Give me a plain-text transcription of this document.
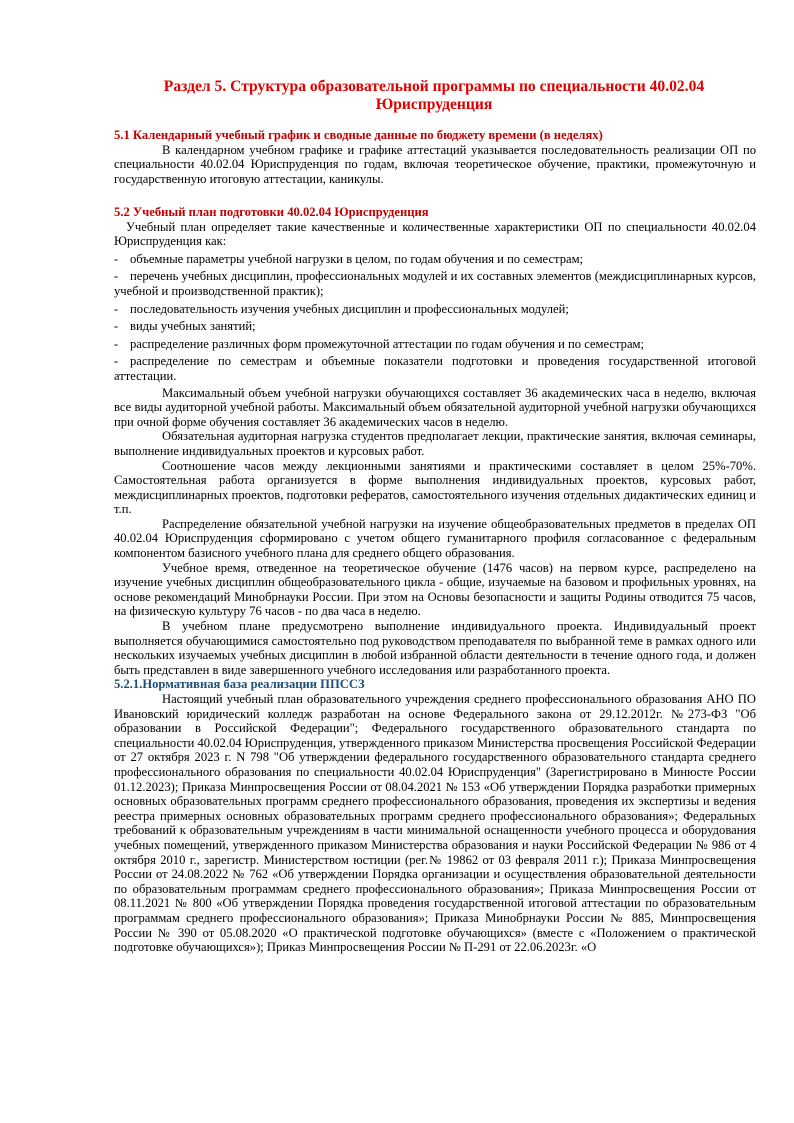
Раздел 5. Структура образовательной программы по специальности 40.02.04 Юриспруденция
5.1 Календарный учебный график и сводные данные по бюджету времени (в неделях)

В календарном учебном графике и графике аттестаций указывается последовательность реализации ОП по специальности 40.02.04 Юриспруденция по годам, включая теоретическое обучение, практики, промежуточную и государственную итоговую аттестации, каникулы.

5.2 Учебный план подготовки 40.02.04 Юриспруденция

Учебный план определяет такие качественные и количественные характеристики ОП по специальности 40.02.04 Юриспруденция как:

- объемные параметры учебной нагрузки в целом, по годам обучения и по семестрам;
- перечень учебных дисциплин, профессиональных модулей и их составных элементов (междисциплинарных курсов, учебной и производственной практик);
- последовательность изучения учебных дисциплин и профессиональных модулей;
- виды учебных занятий;
- распределение различных форм промежуточной аттестации по годам обучения и по семестрам;
- распределение по семестрам и объемные показатели подготовки и проведения государственной итоговой аттестации.

Максимальный объем учебной нагрузки обучающихся составляет 36 академических часа в неделю, включая все виды аудиторной учебной работы. Максимальный объем обязательной аудиторной учебной нагрузки обучающихся при очной форме обучения составляет 36 академических часов в неделю.

Обязательная аудиторная нагрузка студентов предполагает лекции, практические занятия, включая семинары, выполнение индивидуальных проектов и курсовых работ.

Соотношение часов между лекционными занятиями и практическими составляет в целом 25%-70%. Самостоятельная работа организуется в форме выполнения индивидуальных проектов, курсовых работ, междисциплинарных проектов, подготовки рефератов, самостоятельного изучения отдельных дидактических единиц и т.п.

Распределение обязательной учебной нагрузки на изучение общеобразовательных предметов в пределах ОП 40.02.04 Юриспруденция сформировано с учетом общего гуманитарного профиля согласованное с федеральным компонентом базисного учебного плана для среднего общего образования.

Учебное время, отведенное на теоретическое обучение (1476 часов) на первом курсе, распределено на изучение учебных дисциплин общеобразовательного цикла - общие, изучаемые на базовом и профильных уровнях, на основе рекомендаций Минобрнауки России. При этом на Основы безопасности и защиты Родины отводится 75 часов, на физическую культуру 76 часов - по два часа в неделю.

В учебном плане предусмотрено выполнение индивидуального проекта. Индивидуальный проект выполняется обучающимися самостоятельно под руководством преподавателя по выбранной теме в рамках одного или нескольких изучаемых учебных дисциплин в любой избранной области деятельности в течение одного года, и должен быть представлен в виде завершенного учебного исследования или разработанного проекта.

5.2.1.Нормативная база реализации ППССЗ

Настоящий учебный план образовательного учреждения среднего профессионального образования АНО ПО Ивановский юридический колледж разработан на основе Федерального закона от 29.12.2012г. №273-ФЗ "Об образовании в Российской Федерации"; Федерального государственного образовательного стандарта по специальности 40.02.04 Юриспруденция, утвержденного приказом Министерства просвещения Российской Федерации от 27 октября 2023 г. N 798 "Об утверждении федерального государственного образовательного стандарта среднего профессионального образования по специальности 40.02.04 Юриспруденция" (Зарегистрировано в Минюсте России 01.12.2023); Приказа Минпросвещения России от 08.04.2021 № 153 «Об утверждении Порядка разработки примерных основных образовательных программ среднего профессионального образования, проведения их экспертизы и ведения реестра примерных основных образовательных программ среднего профессионального образования»; Федеральных требований к образовательным учреждениям в части минимальной оснащенности учебного процесса и оборудования учебных помещений, утвержденного приказом Министерства образования и науки Российской Федерации № 986 от 4 октября 2010 г., зарегистр. Министерством юстиции (рег.№ 19862 от 03 февраля 2011 г.); Приказа Минпросвещения России от 24.08.2022 № 762 «Об утверждении Порядка организации и осуществления образовательной деятельности по образовательным программам среднего профессионального образования»; Приказа Минпросвещения России от 08.11.2021 № 800 «Об утверждении Порядка проведения государственной итоговой аттестации по образовательным программам среднего профессионального образования»; Приказа Минобрнауки России № 885, Минпросвещения России № 390 от 05.08.2020 «О практической подготовке обучающихся» (вместе с «Положением о практической подготовке обучающихся»); Приказ Минпросвещения России № П-291 от 22.06.2023г. «О
